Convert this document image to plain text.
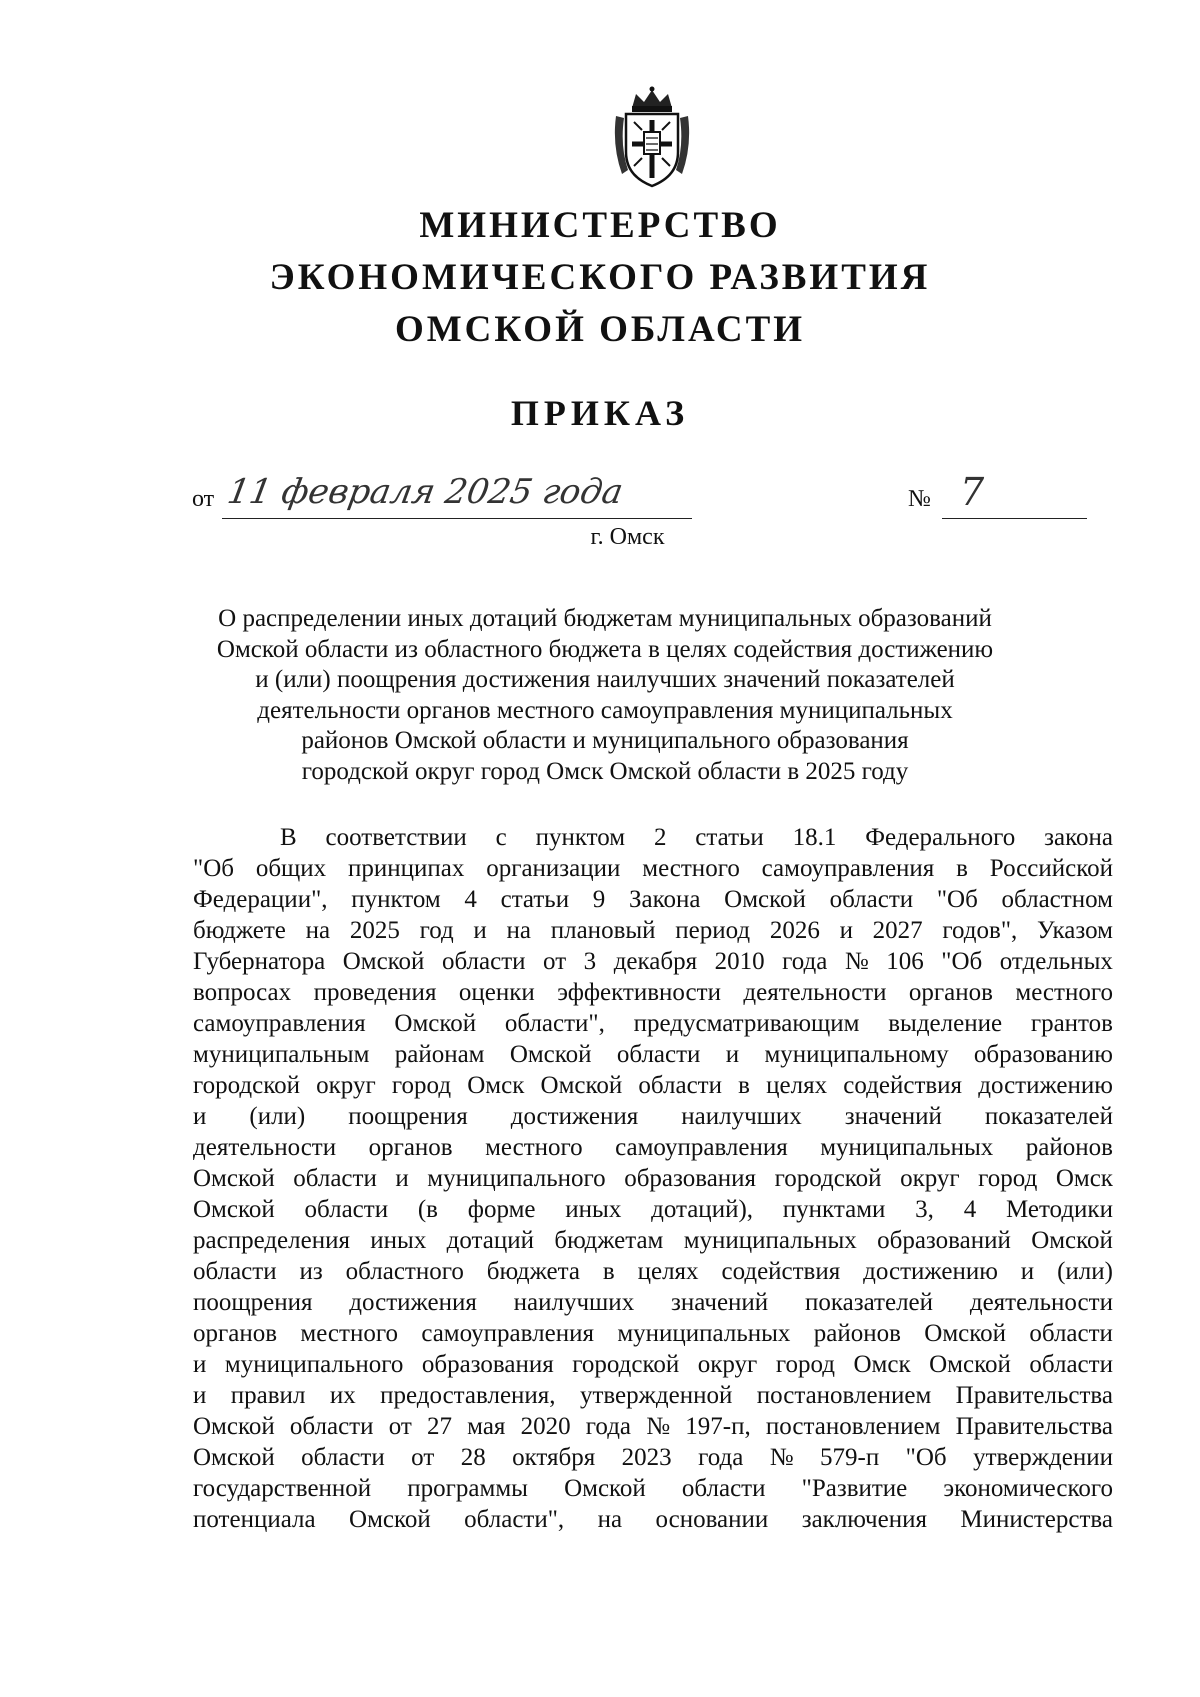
МИНИСТЕРСТВО
ЭКОНОМИЧЕСКОГО РАЗВИТИЯ
ОМСКОЙ ОБЛАСТИ
ПРИКАЗ
от 11 февраля 2025 года	№ 7
г. Омск
О распределении иных дотаций бюджетам муниципальных образований
Омской области из областного бюджета в целях содействия достижению
и (или) поощрения достижения наилучших значений показателей
деятельности органов местного самоуправления муниципальных
районов Омской области и муниципального образования
городской округ город Омск Омской области в 2025 году
В соответствии с пунктом 2 статьи 18.1 Федерального закона
"Об общих принципах организации местного самоуправления в Российской
Федерации", пунктом 4 статьи 9 Закона Омской области "Об областном
бюджете на 2025 год и на плановый период 2026 и 2027 годов", Указом
Губернатора Омской области от 3 декабря 2010 года № 106 "Об отдельных
вопросах проведения оценки эффективности деятельности органов местного
самоуправления Омской области", предусматривающим выделение грантов
муниципальным районам Омской области и муниципальному образованию
городской округ город Омск Омской области в целях содействия достижению
и (или) поощрения достижения наилучших значений показателей
деятельности органов местного самоуправления муниципальных районов
Омской области и муниципального образования городской округ город Омск
Омской области (в форме иных дотаций), пунктами 3, 4 Методики
распределения иных дотаций бюджетам муниципальных образований Омской
области из областного бюджета в целях содействия достижению и (или)
поощрения достижения наилучших значений показателей деятельности
органов местного самоуправления муниципальных районов Омской области
и муниципального образования городской округ город Омск Омской области
и правил их предоставления, утвержденной постановлением Правительства
Омской области от 27 мая 2020 года № 197-п, постановлением Правительства
Омской области от 28 октября 2023 года № 579-п "Об утверждении
государственной программы Омской области "Развитие экономического
потенциала Омской области", на основании заключения Министерства
